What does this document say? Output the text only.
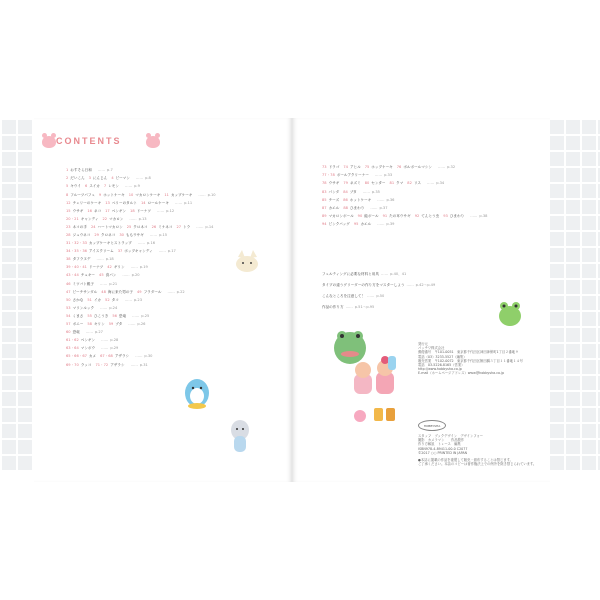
CONTENTS
1 おすそら日和 …… p.7
2 だいこん 3 にんじん 4 ピーマン …… p.8
5 キウイ 6 スイカ 7 レモン …… p.9
8 フルーツパフェ 9 ホットケーキ 10 マカロンケーキ 11 カップケーキ …… p.10
12 チェリーのケーキ 13 ベリーのタルト 14 ロールケーキ …… p.11
15 ウサギ 16 ネコ 17 ペンギン 18 ドーナツ …… p.12
20・21 キャンディ 22 マカロン …… p.13
23 ネコの手 24 ハートマカロン 25 クロネコ 26 ミケネコ 27 トラ …… p.14
28 ジュウネコ 29 クロネコ 30 ももウサギ …… p.15
31・32・33 カップケーキとストラップ …… p.16
34・35・36 アイスクリーム 37 ポップキャンディ …… p.17
38 タフラヌデ …… p.18
39・40・41 ドーナツ 42 ギリン …… p.19
43・44 チュキー 45 食パン …… p.20
46 ミツバト親子 …… p.21
47 ピーチサンダル 48 海に来た男の子 49 フラダール …… p.22
50 さかな 51 イカ 52 タコ …… p.23
53 マリンルック …… p.24
54 くまさ 55 ひこうき 56 恐竜 …… p.25
57 ポニー 58 キリン 59 ブタ …… p.26
60 恐竜 …… p.27
61・62 ペンギン …… p.28
63・64 マンボウ …… p.29
65・66・67 カメ 67・68 アザラシ …… p.30
69・70 ラッコ 71・72 アザラシ …… p.31
73 ドラゴ 74 アヒル 75 ホップケーキ 76 ポルボールマシン …… p.32
77・78 ボールアクリーナー …… p.33
78 ウサギ 79 ネズミ 80 センター 81 クマ 82 リス …… p.34
83 パンダ 84 ブタ …… p.35
85 チーズ 86 ホットケーキ …… p.36
87 カエル 88 ひまわり …… p.37
89 マカロンボール 90 能ボール 91 たの耳ウサギ 92 てんとう虫 93 ひまわり …… p.38
94 ピンクバッグ 95 カエル …… p.39
フェルティングに必要な材料と用具 …… p.40、41
タイプの違うグリーダーの作り方をマスターしよう …… p.42〜p.49
こんなところを注意して！ …… p.50
作品の作り方 …… p.51〜p.95
発行元
パッチワ株式会社
郵便番号　〒101-0051　東京都千代田区神田神保町1丁目２番地９
電話（03）3233-5527（編集）
販売営業　〒102-0072　東京都千代田区飯田橋３丁目１１番地１４号
電話　03-5226-8165（営業）
http://www.hobbysha.co.jp
E-mail（ホームページアドレス）www@hobbysha.co.jp
HOBBYSHA
スタッフ　ブックデザイン　デザインフォー
撮影　カメラマン　　作品製作
作り方解説　トレース　編集
ISBN978-4-89411-00-0 C2077
©2017 ○○ PRINTED IN JAPAN
●本誌に掲載の作品を複製して販売・頒布することは禁じます。
ご了承ください。本誌のコピーは著作権法上での例外を除き禁じられています。
